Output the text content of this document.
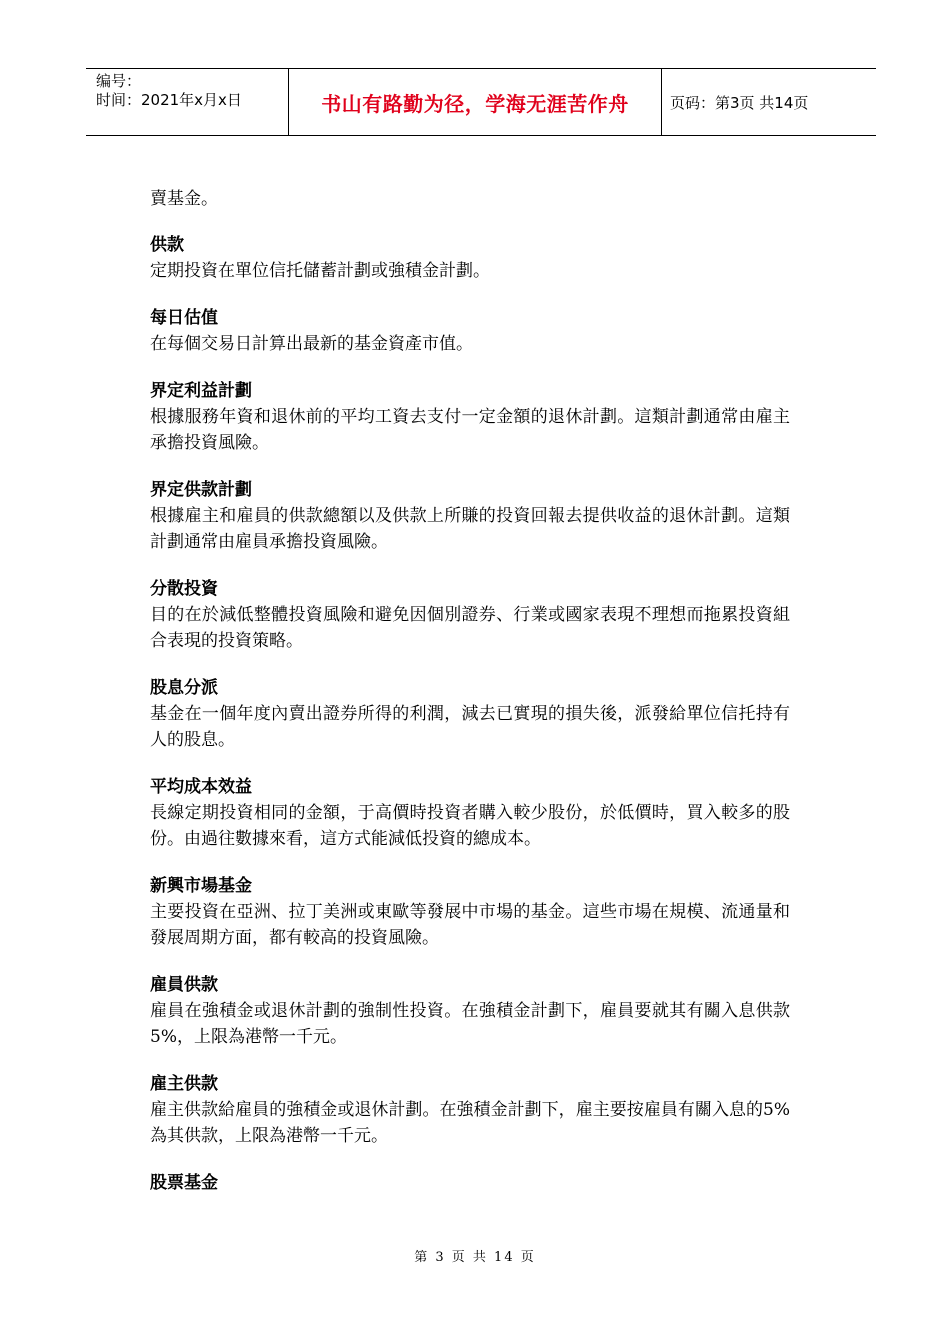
编号：
时间：2021年x月x日	书山有路勤为径，学海无涯苦作舟	页码：第3页 共14页

賣基金。

供款

定期投資在單位信托儲蓄計劃或強積金計劃。

每日估值

在每個交易日計算出最新的基金資產市值。

界定利益計劃

根據服務年資和退休前的平均工資去支付一定金額的退休計劃。這類計劃通常由雇主承擔投資風險。

界定供款計劃

根據雇主和雇員的供款總額以及供款上所賺的投資回報去提供收益的退休計劃。這類計劃通常由雇員承擔投資風險。

分散投資

目的在於減低整體投資風險和避免因個別證券、行業或國家表現不理想而拖累投資組合表現的投資策略。

股息分派

基金在一個年度內賣出證券所得的利潤，減去已實現的損失後，派發給單位信托持有人的股息。

平均成本效益

長線定期投資相同的金額，于高價時投資者購入較少股份，於低價時，買入較多的股份。由過往數據來看，這方式能減低投資的總成本。

新興市場基金

主要投資在亞洲、拉丁美洲或東歐等發展中市場的基金。這些市場在規模、流通量和發展周期方面，都有較高的投資風險。

雇員供款

雇員在強積金或退休計劃的強制性投資。在強積金計劃下，雇員要就其有關入息供款5%，上限為港幣一千元。

雇主供款

雇主供款給雇員的強積金或退休計劃。在強積金計劃下，雇主要按雇員有關入息的5%為其供款，上限為港幣一千元。

股票基金

第 3 页 共 14 页
